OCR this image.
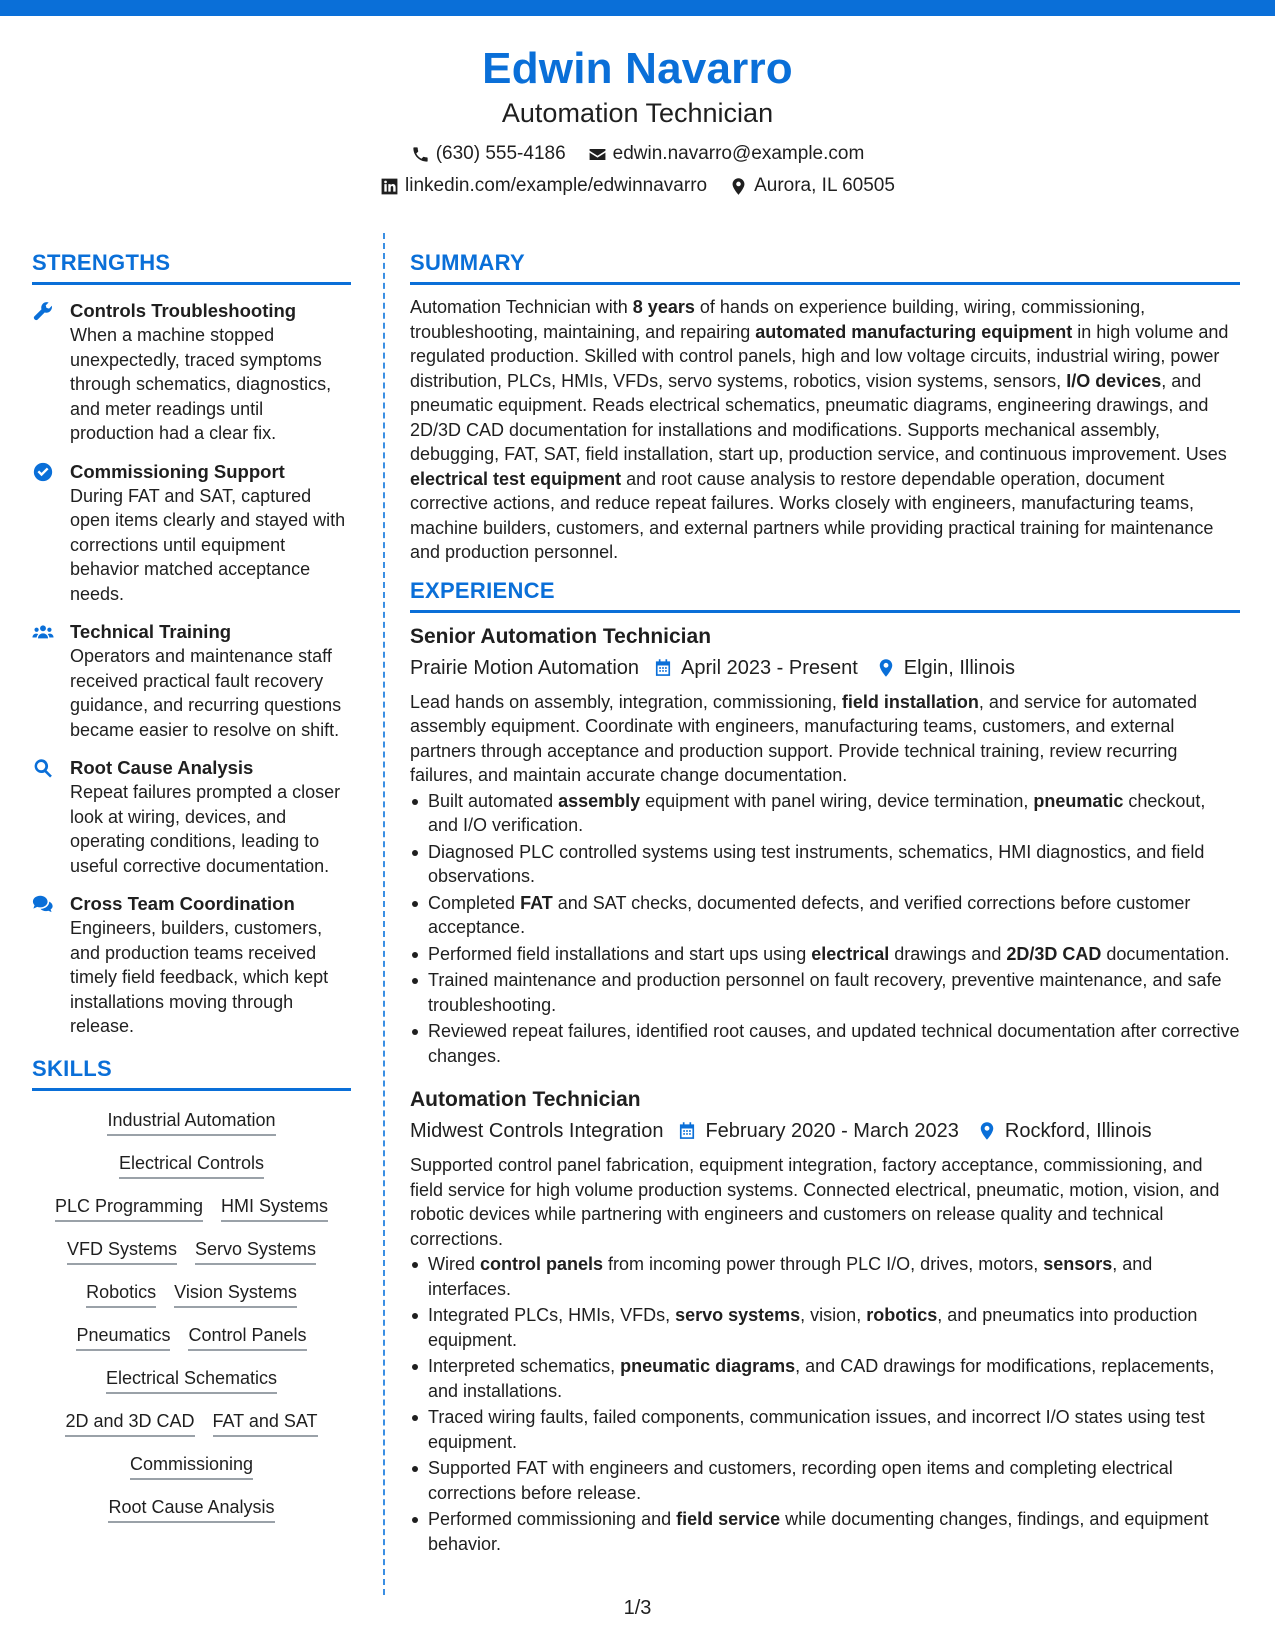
Edwin Navarro
Automation Technician
(630) 555-4186 edwin.navarro@example.com
linkedin.com/example/edwinnavarro Aurora, IL 60505
STRENGTHS
Controls Troubleshooting
When a machine stopped unexpectedly, traced symptoms through schematics, diagnostics, and meter readings until production had a clear fix.
Commissioning Support
During FAT and SAT, captured open items clearly and stayed with corrections until equipment behavior matched acceptance needs.
Technical Training
Operators and maintenance staff received practical fault recovery guidance, and recurring questions became easier to resolve on shift.
Root Cause Analysis
Repeat failures prompted a closer look at wiring, devices, and operating conditions, leading to useful corrective documentation.
Cross Team Coordination
Engineers, builders, customers, and production teams received timely field feedback, which kept installations moving through release.
SKILLS
Industrial Automation
Electrical Controls
PLC Programming HMI Systems
VFD Systems Servo Systems
Robotics Vision Systems
Pneumatics Control Panels
Electrical Schematics
2D and 3D CAD FAT and SAT
Commissioning
Root Cause Analysis
SUMMARY
Automation Technician with 8 years of hands on experience building, wiring, commissioning, troubleshooting, maintaining, and repairing automated manufacturing equipment in high volume and regulated production. Skilled with control panels, high and low voltage circuits, industrial wiring, power distribution, PLCs, HMIs, VFDs, servo systems, robotics, vision systems, sensors, I/O devices, and pneumatic equipment. Reads electrical schematics, pneumatic diagrams, engineering drawings, and 2D/3D CAD documentation for installations and modifications. Supports mechanical assembly, debugging, FAT, SAT, field installation, start up, production service, and continuous improvement. Uses electrical test equipment and root cause analysis to restore dependable operation, document corrective actions, and reduce repeat failures. Works closely with engineers, manufacturing teams, machine builders, customers, and external partners while providing practical training for maintenance and production personnel.
EXPERIENCE
Senior Automation Technician
Prairie Motion Automation April 2023 - Present Elgin, Illinois
Lead hands on assembly, integration, commissioning, field installation, and service for automated assembly equipment. Coordinate with engineers, manufacturing teams, customers, and external partners through acceptance and production support. Provide technical training, review recurring failures, and maintain accurate change documentation.
Built automated assembly equipment with panel wiring, device termination, pneumatic checkout, and I/O verification.
Diagnosed PLC controlled systems using test instruments, schematics, HMI diagnostics, and field observations.
Completed FAT and SAT checks, documented defects, and verified corrections before customer acceptance.
Performed field installations and start ups using electrical drawings and 2D/3D CAD documentation.
Trained maintenance and production personnel on fault recovery, preventive maintenance, and safe troubleshooting.
Reviewed repeat failures, identified root causes, and updated technical documentation after corrective changes.
Automation Technician
Midwest Controls Integration February 2020 - March 2023 Rockford, Illinois
Supported control panel fabrication, equipment integration, factory acceptance, commissioning, and field service for high volume production systems. Connected electrical, pneumatic, motion, vision, and robotic devices while partnering with engineers and customers on release quality and technical corrections.
Wired control panels from incoming power through PLC I/O, drives, motors, sensors, and interfaces.
Integrated PLCs, HMIs, VFDs, servo systems, vision, robotics, and pneumatics into production equipment.
Interpreted schematics, pneumatic diagrams, and CAD drawings for modifications, replacements, and installations.
Traced wiring faults, failed components, communication issues, and incorrect I/O states using test equipment.
Supported FAT with engineers and customers, recording open items and completing electrical corrections before release.
Performed commissioning and field service while documenting changes, findings, and equipment behavior.
1/3
